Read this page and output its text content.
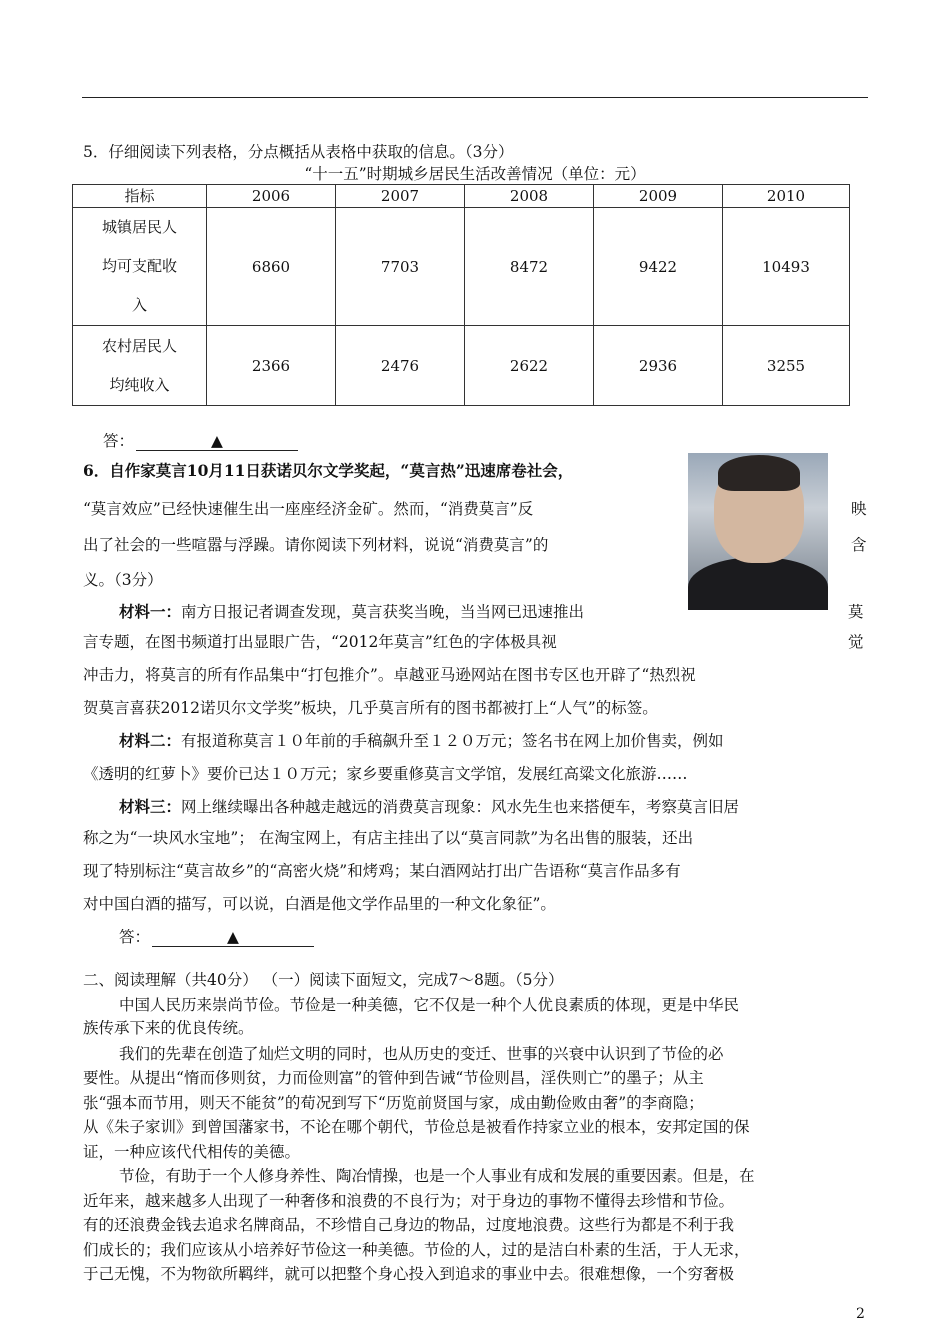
5．仔细阅读下列表格，分点概括从表格中获取的信息。（3分）
“十一五”时期城乡居民生活改善情况（单位：元）
指标	2006	2007	2008	2009	2010

城镇居民人
均可支配收
入	6860	7703	8472	9422	10493

农村居民人
均纯收入	2366	2476	2622	2936	3255
答：	▲
6．自作家莫言10月11日获诺贝尔文学奖起，“莫言热”迅速席卷社会，
“莫言效应”已经快速催生出一座座经济金矿。然而，“消费莫言”反	映
出了社会的一些喧嚣与浮躁。请你阅读下列材料，说说“消费莫言”的	含
义。（3分）
材料一：南方日报记者调查发现，莫言获奖当晚，当当网已迅速推出	莫
言专题，在图书频道打出显眼广告，“2012年莫言”红色的字体极具视	觉
冲击力，将莫言的所有作品集中“打包推介”。卓越亚马逊网站在图书专区也开辟了“热烈祝
贺莫言喜获2012诺贝尔文学奖”板块，几乎莫言所有的图书都被打上“人气”的标签。
材料二：有报道称莫言１０年前的手稿飙升至１２０万元；签名书在网上加价售卖，例如
《透明的红萝卜》要价已达１０万元；家乡要重修莫言文学馆，发展红高粱文化旅游……
材料三：网上继续曝出各种越走越远的消费莫言现象：风水先生也来搭便车，考察莫言旧居
称之为“一块风水宝地”； 在淘宝网上，有店主挂出了以“莫言同款”为名出售的服装，还出
现了特别标注“莫言故乡”的“高密火烧”和烤鸡；某白酒网站打出广告语称“莫言作品多有
对中国白酒的描写，可以说，白酒是他文学作品里的一种文化象征”。
答：	▲
二、阅读理解（共40分） （一）阅读下面短文，完成7～8题。（5分）
中国人民历来崇尚节俭。节俭是一种美德，它不仅是一种个人优良素质的体现，更是中华民
族传承下来的优良传统。
我们的先辈在创造了灿烂文明的同时，也从历史的变迁、世事的兴衰中认识到了节俭的必
要性。从提出“惰而侈则贫，力而俭则富”的管仲到告诫“节俭则昌，淫佚则亡”的墨子；从主
张“强本而节用，则天不能贫”的荀况到写下“历览前贤国与家，成由勤俭败由奢”的李商隐；
从《朱子家训》到曾国藩家书，不论在哪个朝代，节俭总是被看作持家立业的根本，安邦定国的保
证，一种应该代代相传的美德。
节俭，有助于一个人修身养性、陶冶情操，也是一个人事业有成和发展的重要因素。但是，在
近年来，越来越多人出现了一种奢侈和浪费的不良行为；对于身边的事物不懂得去珍惜和节俭。
有的还浪费金钱去追求名牌商品，不珍惜自己身边的物品，过度地浪费。这些行为都是不利于我
们成长的；我们应该从小培养好节俭这一种美德。节俭的人，过的是洁白朴素的生活，于人无求，
于己无愧，不为物欲所羁绊，就可以把整个身心投入到追求的事业中去。很难想像，一个穷奢极
2
